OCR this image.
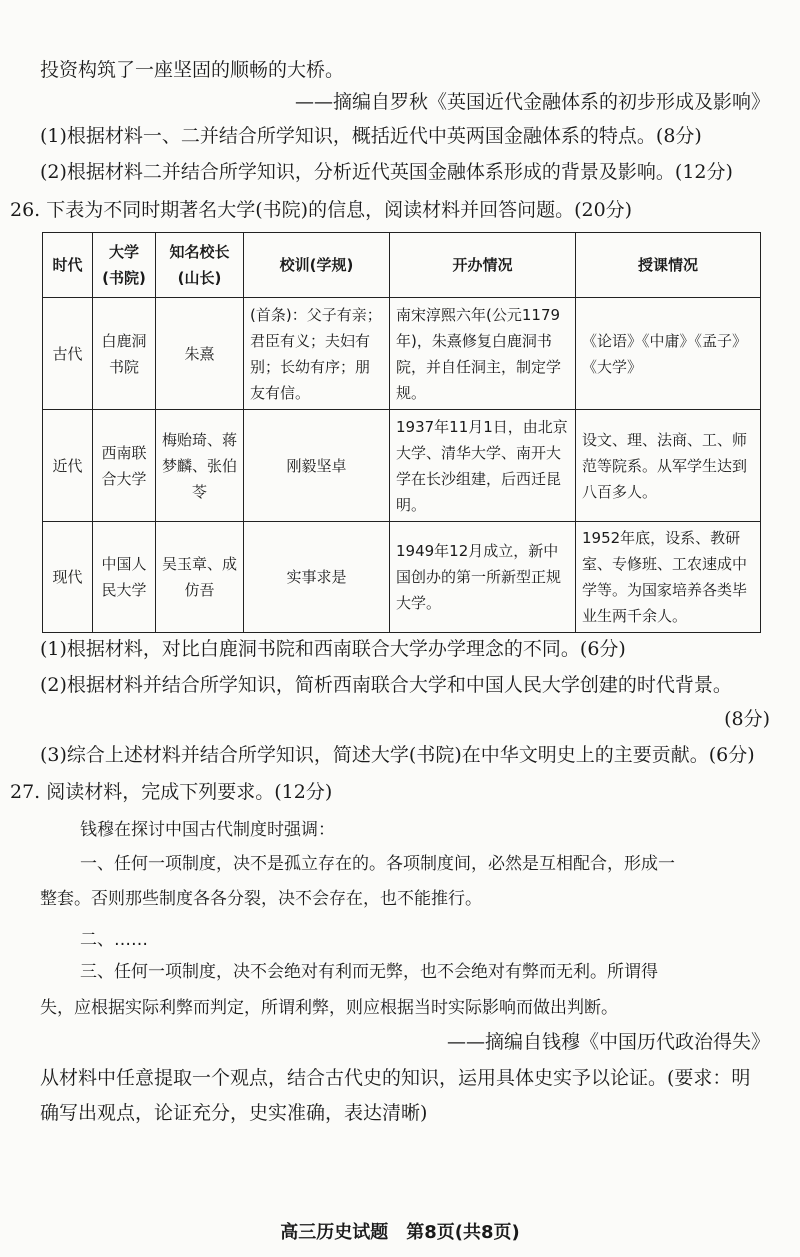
投资构筑了一座坚固的顺畅的大桥。
——摘编自罗秋《英国近代金融体系的初步形成及影响》
(1)根据材料一、二并结合所学知识，概括近代中英两国金融体系的特点。(8分)
(2)根据材料二并结合所学知识，分析近代英国金融体系形成的背景及影响。(12分)
26. 下表为不同时期著名大学(书院)的信息，阅读材料并回答问题。(20分)
时代	大学(书院)	知名校长(山长)	校训(学规)	开办情况	授课情况
古代	白鹿洞书院	朱熹	(首条)：父子有亲；君臣有义；夫妇有别；长幼有序；朋友有信。	南宋淳熙六年(公元1179年)，朱熹修复白鹿洞书院，并自任洞主，制定学规。	《论语》《中庸》《孟子》《大学》
近代	西南联合大学	梅贻琦、蒋梦麟、张伯苓	刚毅坚卓	1937年11月1日，由北京大学、清华大学、南开大学在长沙组建，后西迁昆明。	设文、理、法商、工、师范等院系。从军学生达到八百多人。
现代	中国人民大学	吴玉章、成仿吾	实事求是	1949年12月成立，新中国创办的第一所新型正规大学。	1952年底，设系、教研室、专修班、工农速成中学等。为国家培养各类毕业生两千余人。
(1)根据材料，对比白鹿洞书院和西南联合大学办学理念的不同。(6分)
(2)根据材料并结合所学知识，简析西南联合大学和中国人民大学创建的时代背景。
(8分)
(3)综合上述材料并结合所学知识，简述大学(书院)在中华文明史上的主要贡献。(6分)
27. 阅读材料，完成下列要求。(12分)
钱穆在探讨中国古代制度时强调：
一、任何一项制度，决不是孤立存在的。各项制度间，必然是互相配合，形成一
整套。否则那些制度各各分裂，决不会存在，也不能推行。
二、……
三、任何一项制度，决不会绝对有利而无弊，也不会绝对有弊而无利。所谓得
失，应根据实际利弊而判定，所谓利弊，则应根据当时实际影响而做出判断。
——摘编自钱穆《中国历代政治得失》
从材料中任意提取一个观点，结合古代史的知识，运用具体史实予以论证。(要求：明
确写出观点，论证充分，史实准确，表达清晰)
高三历史试题　第8页(共8页)
